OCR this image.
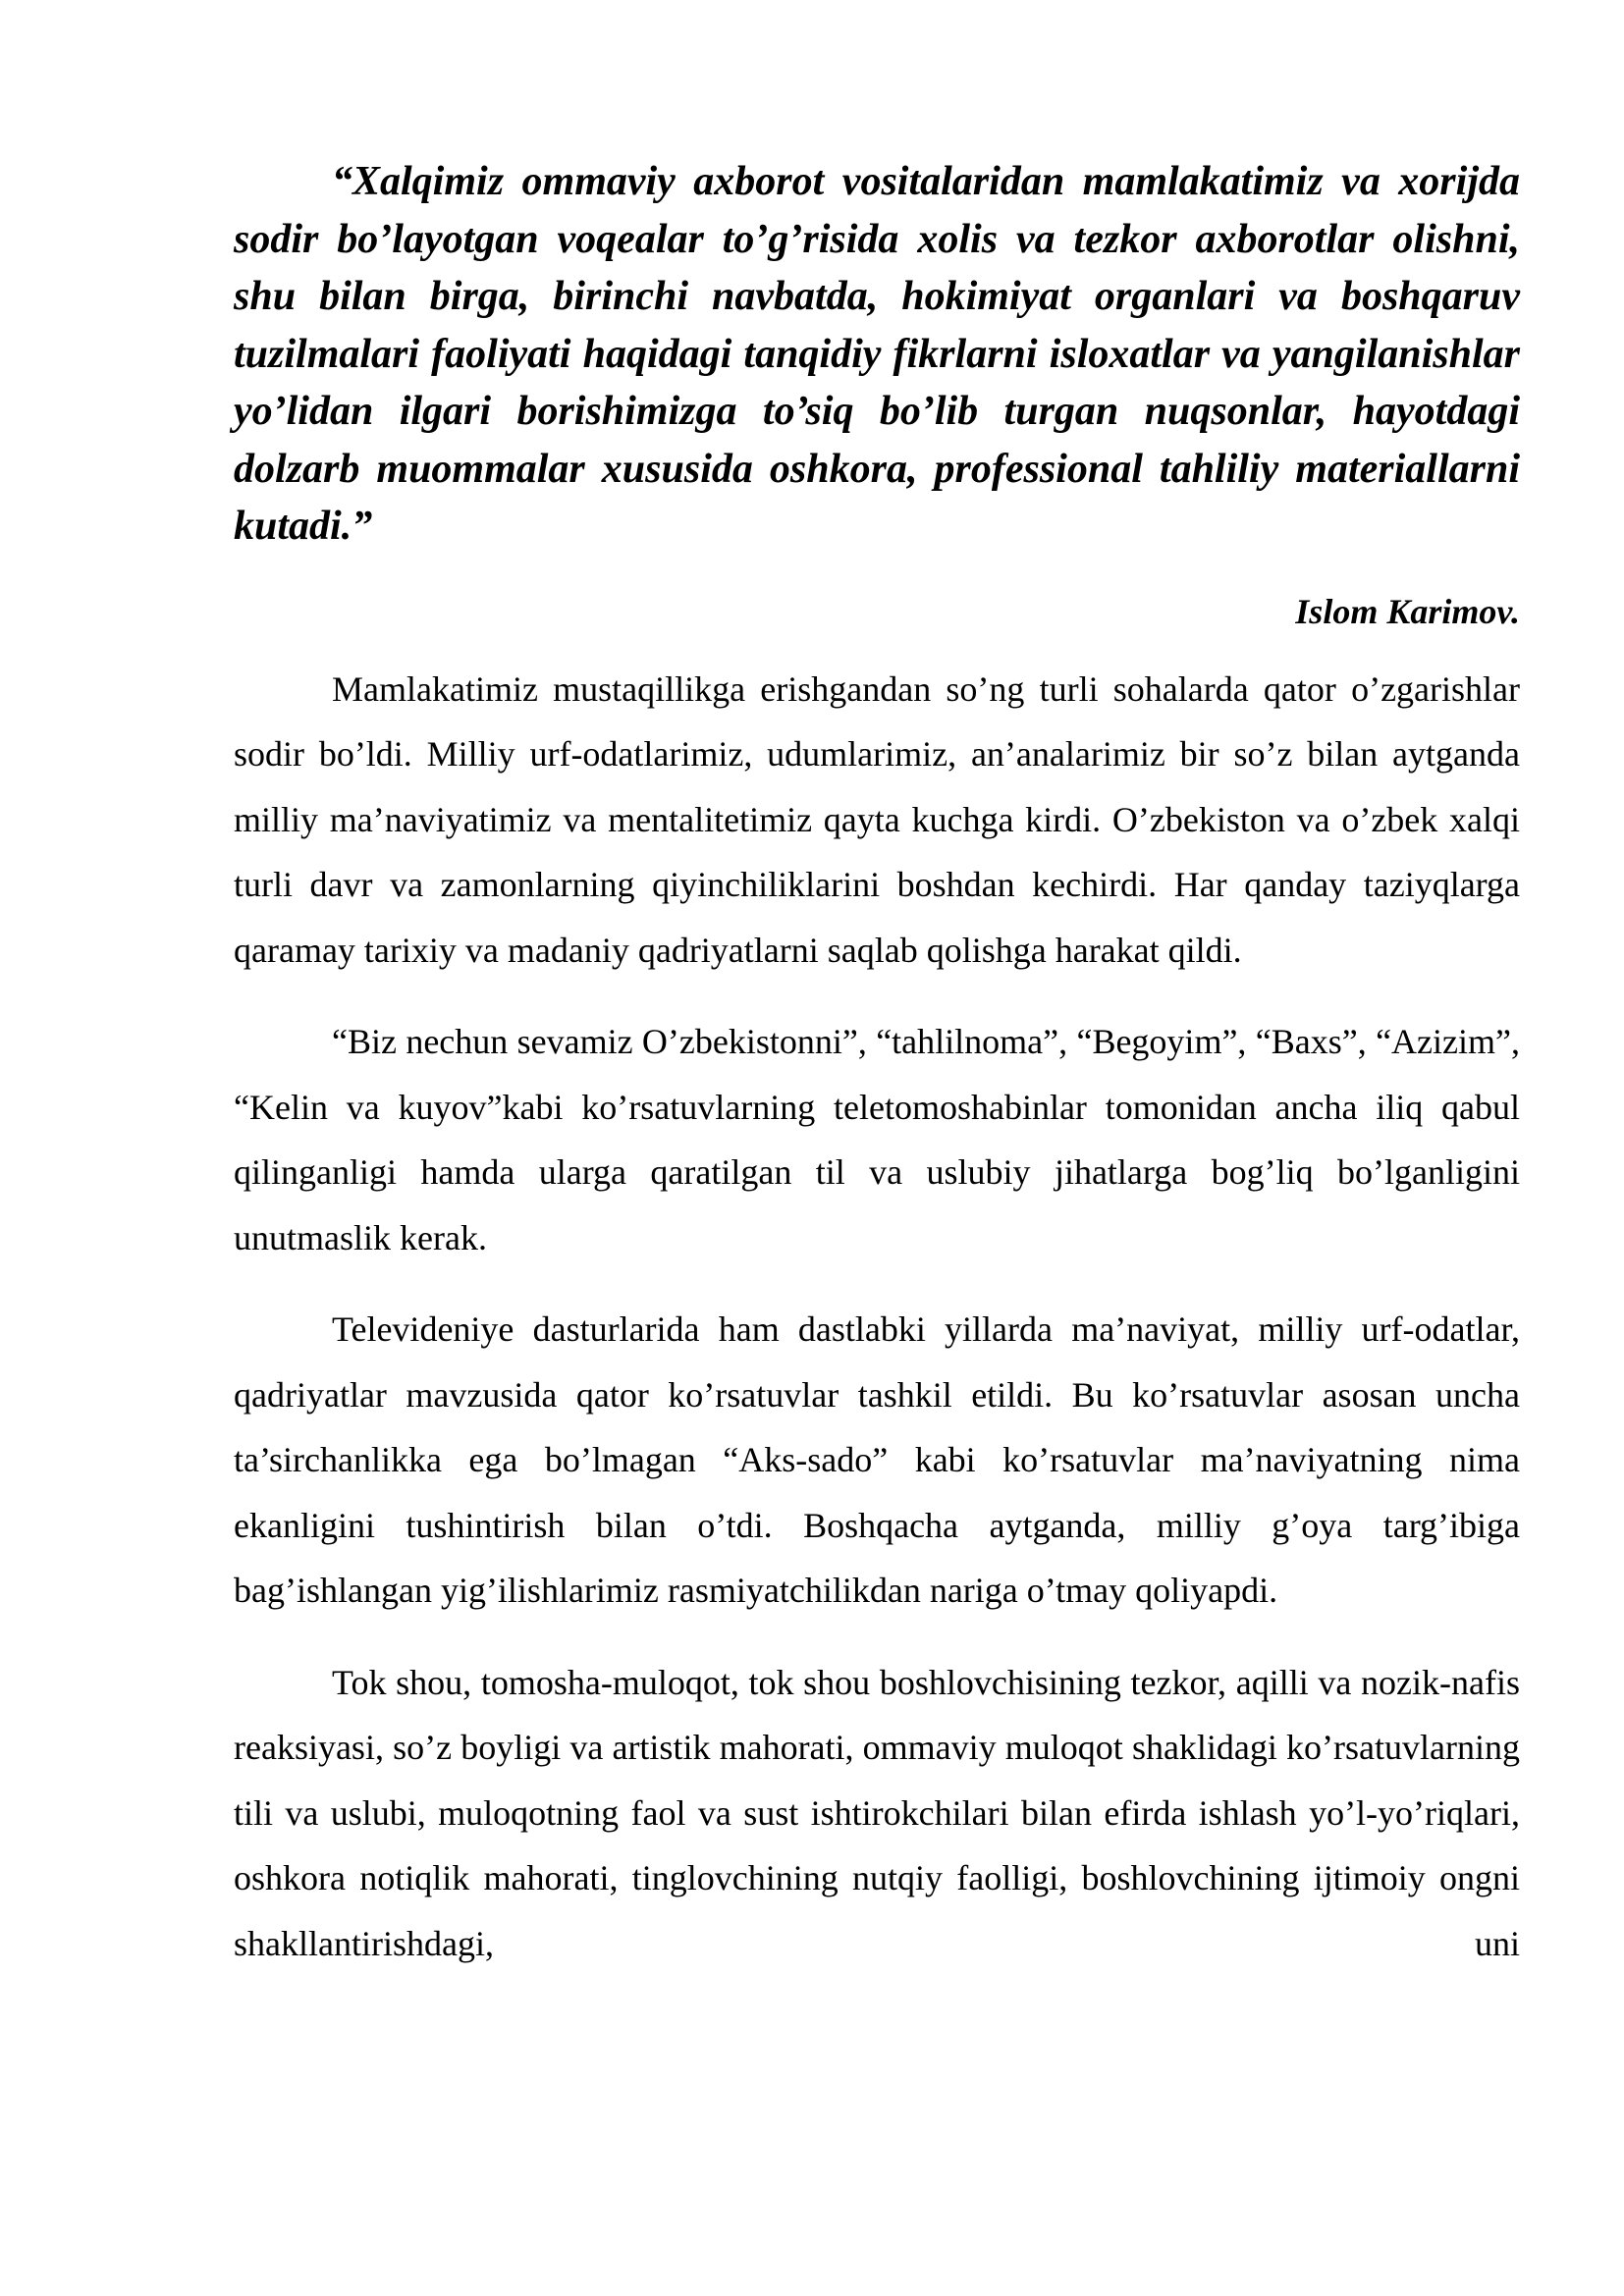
“Xalqimiz ommaviy axborot vositalaridan mamlakatimiz va xorijda sodir bo’layotgan voqealar to’g’risida xolis va tezkor axborotlar olishni, shu bilan birga, birinchi navbatda, hokimiyat organlari va boshqaruv tuzilmalari faoliyati haqidagi tanqidiy fikrlarni isloxatlar va yangilanishlar yo’lidan ilgari borishimizga to’siq bo’lib turgan nuqsonlar, hayotdagi dolzarb muommalar xususida oshkora, professional tahliliy materiallarni kutadi.”

Islom Karimov.

Mamlakatimiz mustaqillikga erishgandan so’ng turli sohalarda qator o’zgarishlar sodir bo’ldi. Milliy urf-odatlarimiz, udumlarimiz, an’analarimiz bir so’z bilan aytganda milliy ma’naviyatimiz va mentalitetimiz qayta kuchga kirdi. O’zbekiston va o’zbek xalqi turli davr va zamonlarning qiyinchiliklarini boshdan kechirdi. Har qanday taziyqlarga qaramay tarixiy va madaniy qadriyatlarni saqlab qolishga harakat qildi.

“Biz nechun sevamiz O’zbekistonni”, “tahlilnoma”, “Begoyim”, “Baxs”, “Azizim”, “Kelin va kuyov”kabi ko’rsatuvlarning teletomoshabinlar tomonidan ancha iliq qabul qilinganligi hamda ularga qaratilgan til va uslubiy jihatlarga bog’liq bo’lganligini unutmaslik kerak.

Televideniye dasturlarida ham dastlabki yillarda ma’naviyat, milliy urf-odatlar, qadriyatlar mavzusida qator ko’rsatuvlar tashkil etildi. Bu ko’rsatuvlar asosan uncha ta’sirchanlikka ega bo’lmagan “Aks-sado” kabi ko’rsatuvlar ma’naviyatning nima ekanligini tushintirish bilan o’tdi. Boshqacha aytganda, milliy g’oya targ’ibiga bag’ishlangan yig’ilishlarimiz rasmiyatchilikdan nariga o’tmay qoliyapdi.

Tok shou, tomosha-muloqot, tok shou boshlovchisining tezkor, aqilli va nozik-nafis reaksiyasi, so’z boyligi va artistik mahorati, ommaviy muloqot shaklidagi ko’rsatuvlarning tili va uslubi, muloqotning faol va sust ishtirokchilari bilan efirda ishlash yo’l-yo’riqlari, oshkora notiqlik mahorati, tinglovchining nutqiy faolligi, boshlovchining ijtimoiy ongni shakllantirishdagi, uni
